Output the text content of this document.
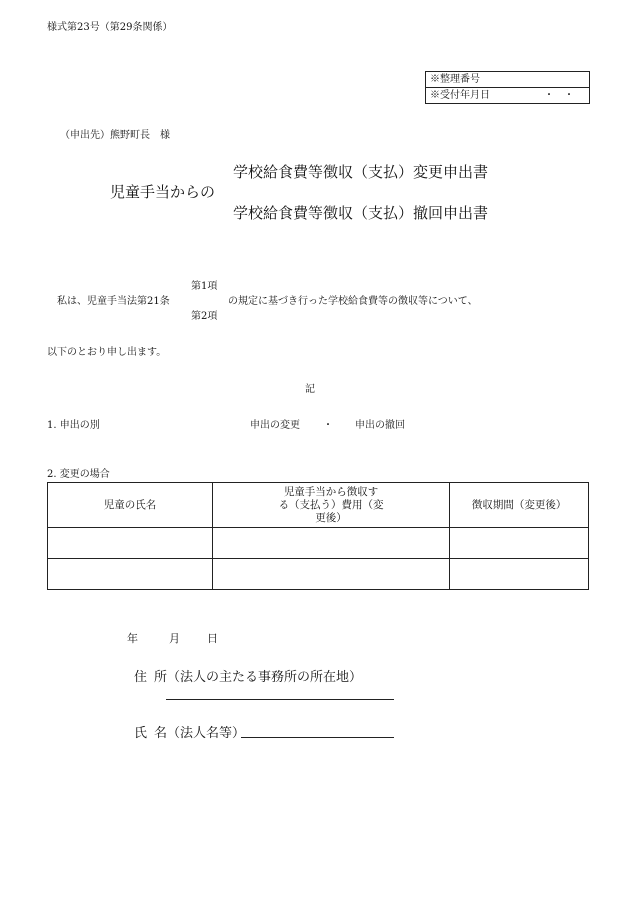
様式第23号（第29条関係）
※整理番号
※受付年月日	・　・
（申出先）熊野町長　様
児童手当からの
学校給食費等徴収（支払）変更申出書
学校給食費等徴収（支払）撤回申出書
私は、児童手当法第21条
第1項
第2項
の規定に基づき行った学校給食費等の徴収等について、
以下のとおり申し出ます。
記
1. 申出の別	申出の変更 ・ 申出の撤回
2. 変更の場合
児童の氏名	児童手当から徴収す
る（支払う）費用（変
更後）	徴収期間（変更後）

年	月 日
住 所（法人の主たる事務所の所在地）
氏 名（法人名等）
